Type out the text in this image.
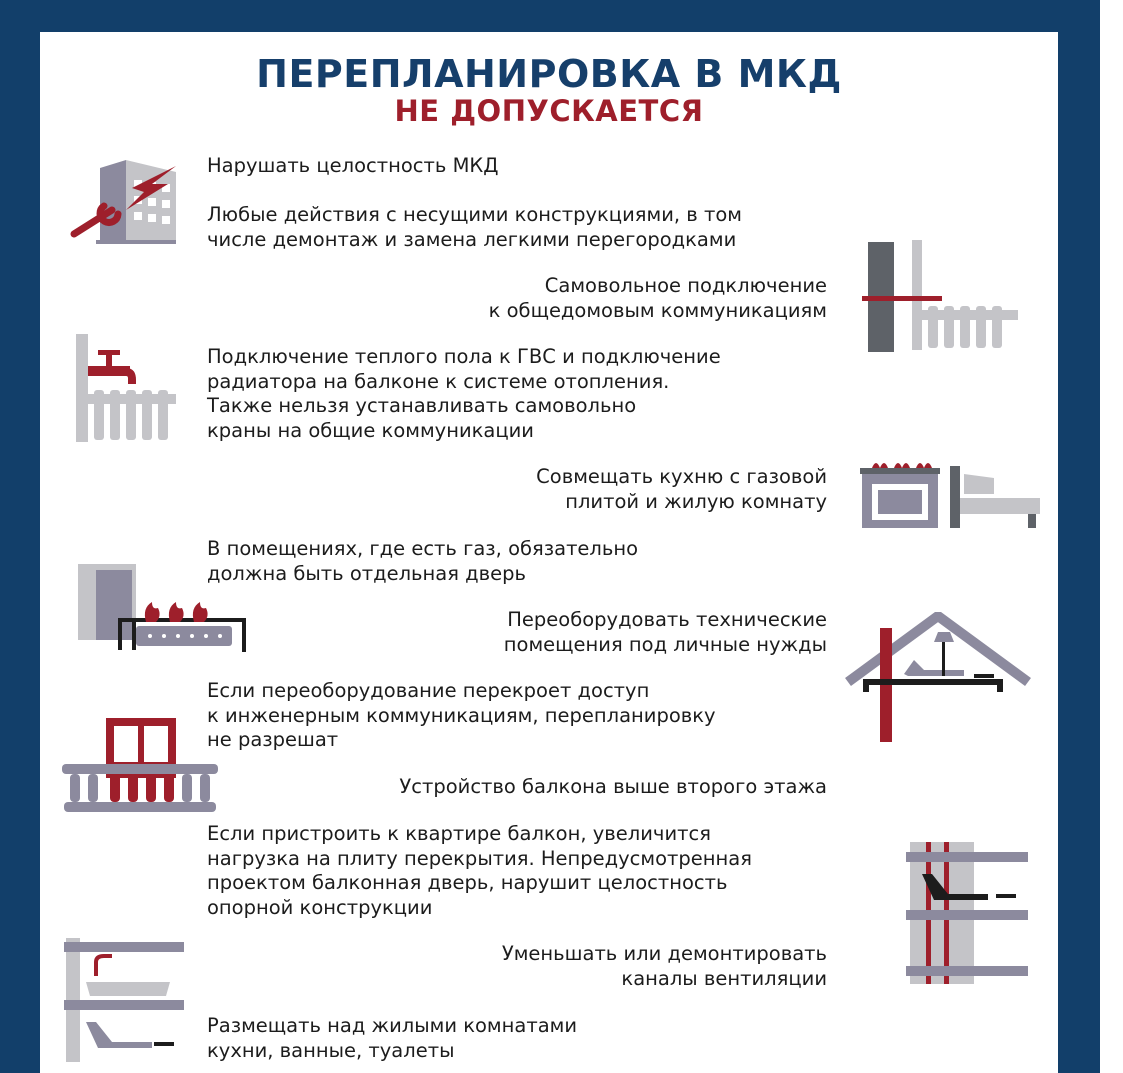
ПЕРЕПЛАНИРОВКА В МКД
НЕ ДОПУСКАЕТСЯ
Нарушать целостность МКД
Любые действия с несущими конструкциями, в том
числе демонтаж и замена легкими перегородками
Самовольное подключение
к общедомовым коммуникациям
Подключение теплого пола к ГВС и подключение
радиатора на балконе к системе отопления.
Также нельзя устанавливать самовольно
краны на общие коммуникации
Совмещать кухню с газовой
плитой и жилую комнату
В помещениях, где есть газ, обязательно
должна быть отдельная дверь
Переоборудовать технические
помещения под личные нужды
Если переоборудование перекроет доступ
к инженерным коммуникациям, перепланировку
не разрешат
Устройство балкона выше второго этажа
Если пристроить к квартире балкон, увеличится
нагрузка на плиту перекрытия. Непредусмотренная
проектом балконная дверь, нарушит целостность
опорной конструкции
Уменьшать или демонтировать
каналы вентиляции
Размещать над жилыми комнатами
кухни, ванные, туалеты
